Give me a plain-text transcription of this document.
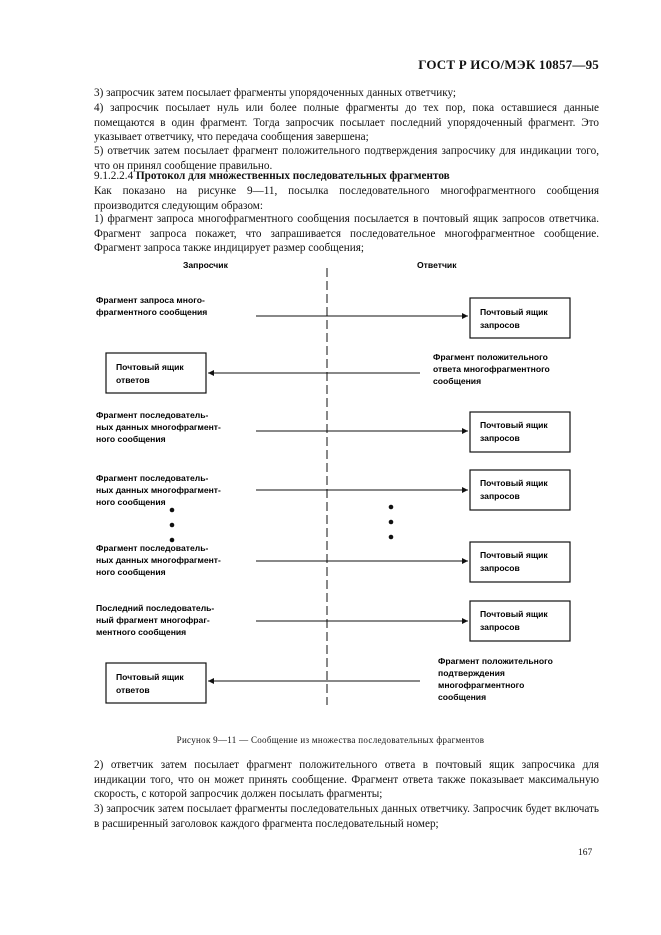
ГОСТ Р ИСО/МЭК 10857—95

3) запросчик затем посылает фрагменты упорядоченных данных ответчику;

4) запросчик посылает нуль или более полные фрагменты до тех пор, пока оставшиеся данные помещаются в один фрагмент. Тогда запросчик посылает последний упорядоченный фрагмент. Это указывает ответчику, что передача сообщения завершена;

5) ответчик затем посылает фрагмент положительного подтверждения запросчику для индикации того, что он принял сообщение правильно.

9.1.2.2.4 Протокол для множественных последовательных фрагментов

Как показано на рисунке 9—11, посылка последовательного многофрагментного сообщения производится следующим образом:

1) фрагмент запроса многофрагментного сообщения посылается в почтовый ящик запросов ответчика. Фрагмент запроса покажет, что запрашивается последовательное многофрагментное сообщение. Фрагмент запроса также индицирует размер сообщения;

Запросчик	Ответчик
Фрагмент запроса много- фрагментного сообщения	Почтовый ящик запросов
Почтовый ящик ответов
Фрагмент положительного ответа многофрагментного сообщения
Фрагмент последователь- ных данных многофрагмент- ного сообщения
Почтовый ящик запросов
Фрагмент последователь- ных данных многофрагмент- ного сообщения
Почтовый ящик запросов
Фрагмент последователь- ных данных многофрагмент- ного сообщения
Почтовый ящик запросов
Последний последователь- ный фрагмент многофраг- ментного сообщения
Почтовый ящик запросов
Почтовый ящик ответов
Фрагмент положительного подтверждения многофрагментного сообщения
Рисунок 9—11 — Сообщение из множества последовательных фрагментов

2) ответчик затем посылает фрагмент положительного ответа в почтовый ящик запросчика для индикации того, что он может принять сообщение. Фрагмент ответа также показывает максимальную скорость, с которой запросчик должен посылать фрагменты;

3) запросчик затем посылает фрагменты последовательных данных ответчику. Запросчик будет включать в расширенный заголовок каждого фрагмента последовательный номер;

167
